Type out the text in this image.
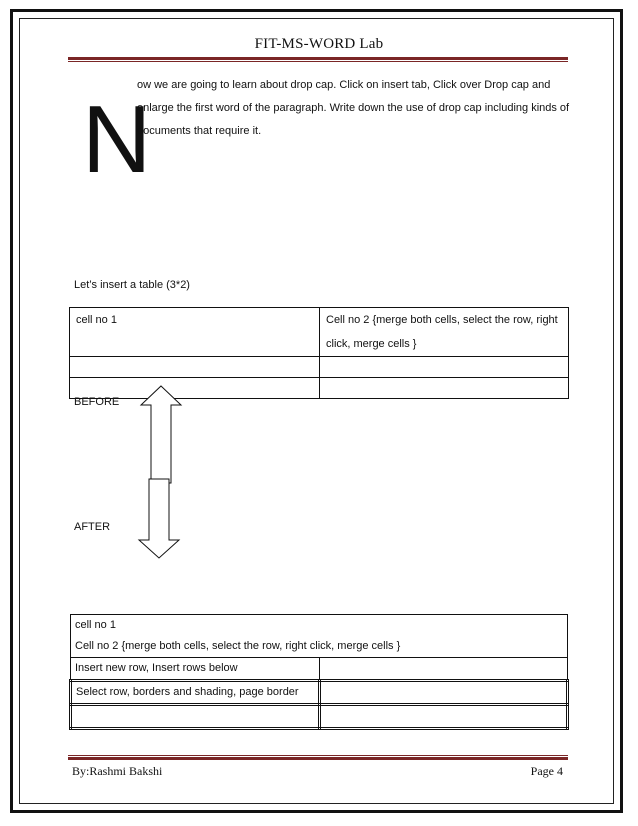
FIT-MS-WORD Lab
N
ow we are going to learn about drop cap. Click on insert tab, Click over Drop cap and
enlarge the first word of the paragraph. Write down the use of drop cap including kinds of
documents that require it.
Let’s insert a table (3*2)
cell no 1	Cell no 2 {merge both cells, select the row, right
click, merge cells }

BEFORE
AFTER
cell no 1
Cell no 2 {merge both cells, select the row, right click, merge cells }	

Insert new row, Insert rows below	
Select row, borders and shading, page border	

By:Rashmi Bakshi	Page 4
